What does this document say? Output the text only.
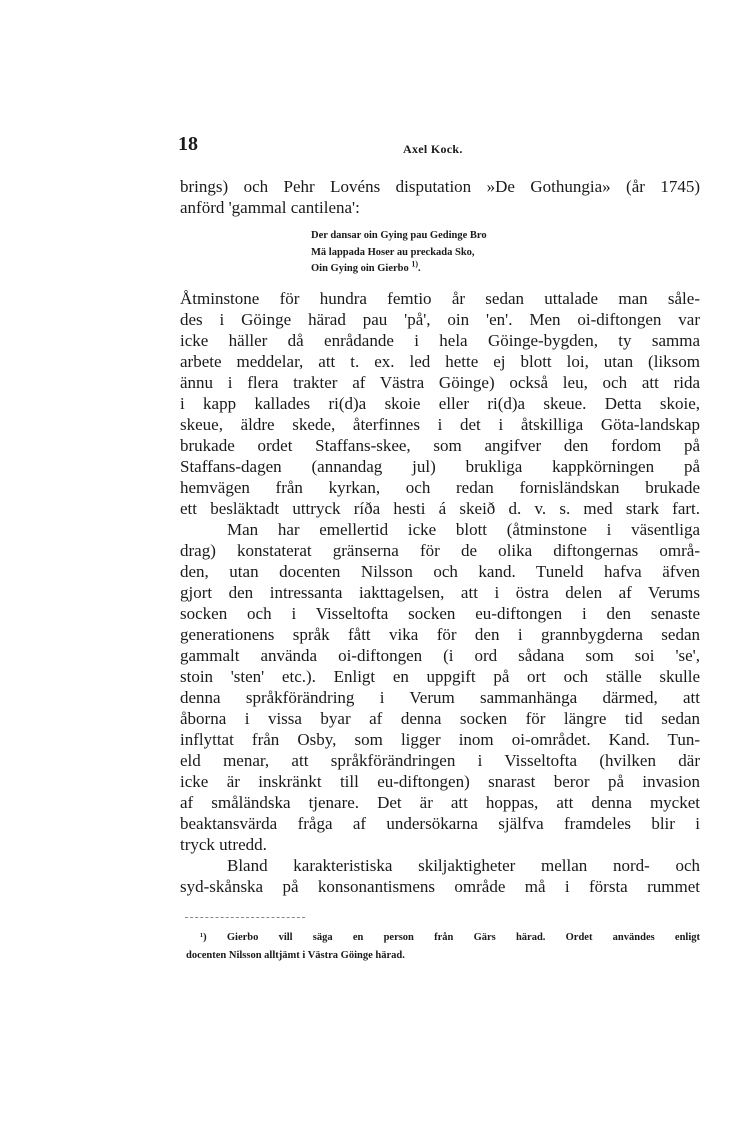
18	Axel Kock.
brings) och Pehr Lovéns disputation »De Gothungia» (år 1745)
anförd 'gammal cantilena':
Der dansar oin Gying pau Gedinge Bro
Mä lappada Hoser au preckada Sko,
Oin Gying oin Gierbo $^{1)}$.
Åtminstone för hundra femtio år sedan uttalade man såle-
des i Göinge härad pau 'på', oin 'en'. Men oi-diftongen var
icke häller då enrådande i hela Göinge-bygden, ty samma
arbete meddelar, att t. ex. led hette ej blott loi, utan (liksom
ännu i flera trakter af Västra Göinge) också leu, och att rida
i kapp kallades ri(d)a skoie eller ri(d)a skeue. Detta skoie,
skeue, äldre skede, återfinnes i det i åtskilliga Göta-landskap
brukade ordet Staffans-skee, som angifver den fordom på
Staffans-dagen (annandag jul) brukliga kappkörningen på
hemvägen från kyrkan, och redan fornisländskan brukade
ett besläktadt uttryck ríða hesti á skeið d. v. s. med stark fart.
Man har emellertid icke blott (åtminstone i väsentliga
drag) konstaterat gränserna för de olika diftongernas områ-
den, utan docenten Nilsson och kand. Tuneld hafva äfven
gjort den intressanta iakttagelsen, att i östra delen af Verums
socken och i Visseltofta socken eu-diftongen i den senaste
generationens språk fått vika för den i grannbygderna sedan
gammalt använda oi-diftongen (i ord sådana som soi 'se',
stoin 'sten' etc.). Enligt en uppgift på ort och ställe skulle
denna språkförändring i Verum sammanhänga därmed, att
åborna i vissa byar af denna socken för längre tid sedan
inflyttat från Osby, som ligger inom oi-området. Kand. Tun-
eld menar, att språkförändringen i Visseltofta (hvilken där
icke är inskränkt till eu-diftongen) snarast beror på invasion
af småländska tjenare. Det är att hoppas, att denna mycket
beaktansvärda fråga af undersökarna själfva framdeles blir i
tryck utredd.
Bland karakteristiska skiljaktigheter mellan nord- och
syd-skånska på konsonantismens område må i första rummet
¹) Gierbo vill säga en person från Gärs härad. Ordet användes enligt
docenten Nilsson alltjämt i Västra Göinge härad.
